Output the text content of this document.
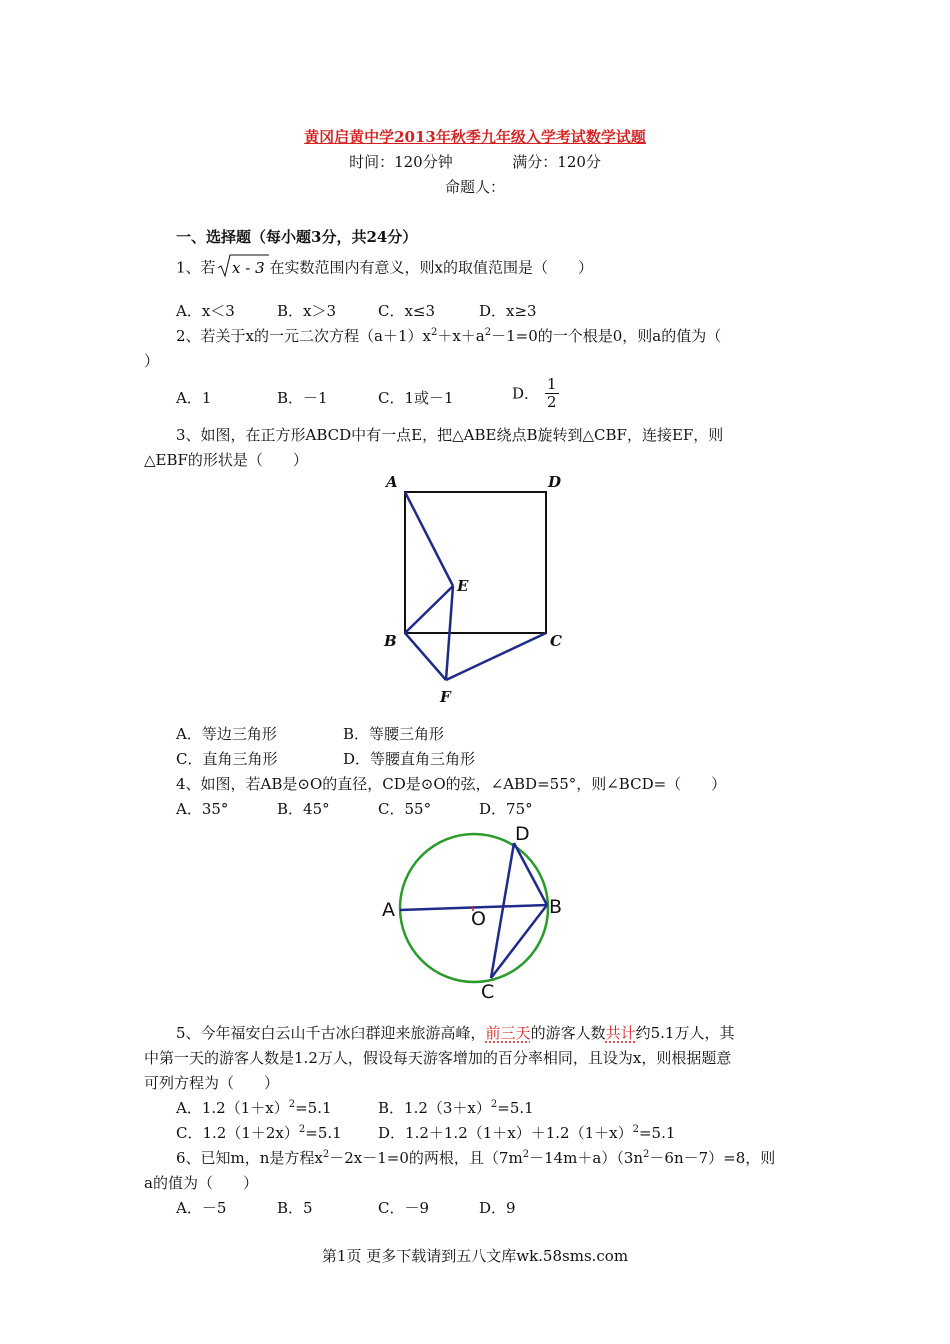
黄冈启黄中学2013年秋季九年级入学考试数学试题
时间：120分钟	满分：120分
命题人：
一、选择题（每小题3分，共24分）
1、若 x - 3 在实数范围内有意义，则x的取值范围是（　　）
A．x＜3	B．x＞3	C．x≤3	D．x≥3
2、若关于x的一元二次方程$(a+1)x^2+x+a^2-1=0$的一个根是0，则a的值为（
）
A．1	B．－1	C．1或－1	D． $\frac{1}{2}$
3、如图，在正方形ABCD中有一点E，把△ABE绕点B旋转到△CBF，连接EF，则
△EBF的形状是（　　）
A	D
E
B	C
F
A．等边三角形	B．等腰三角形
C．直角三角形	D．等腰直角三角形
4、如图，若AB是⊙O的直径，CD是⊙O的弦，∠ABD=55°，则∠BCD=（　　）
A．35°	B．45°	C．55°	D．75°
A	B
C
D
O
5、今年福安白云山千古冰臼群迎来旅游高峰，前三天的游客人数共计约5.1万人，其
中第一天的游客人数是1.2万人，假设每天游客增加的百分率相同，且设为x，则根据题意
可列方程为（　　）
A．$1.2(1+x)^2=5.1$	B．$1.2(3+x)^2=5.1$
C．$1.2(1+2x)^2=5.1$ D．$1.2+1.2(1+x)+1.2(1+x)^2=5.1$
6、已知m，n是方程$x^2-2x-1=0$的两根，且$(7m^2-14m+a)(3n^2-6n-7)=8$，则
a的值为（　　）
A．－5	B．5	C．－9	D．9
第1页 更多下载请到五八文库wk.58sms.com
